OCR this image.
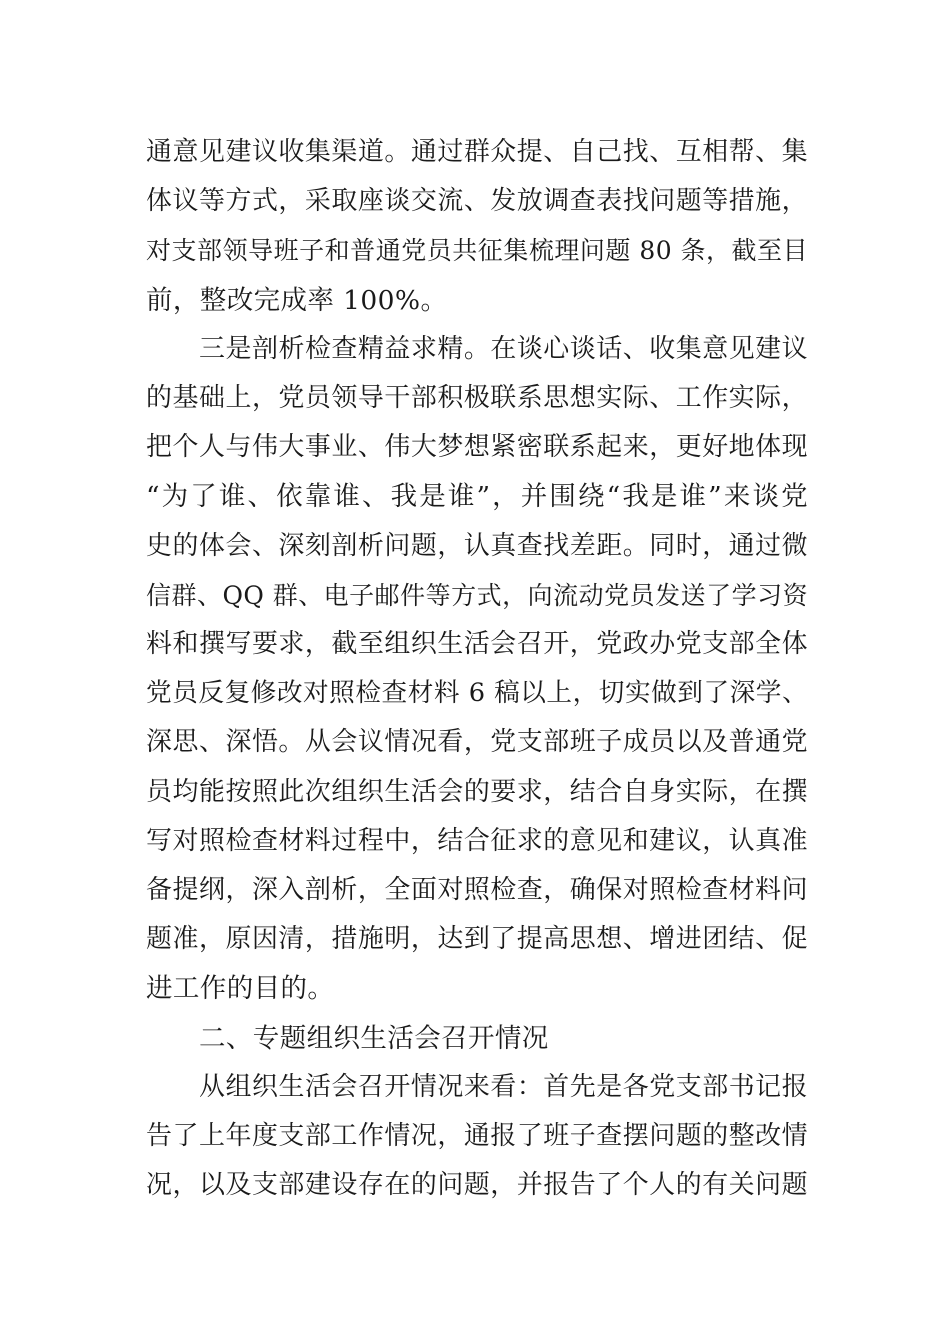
通意见建议收集渠道。通过群众提、自己找、互相帮、集
体议等方式，采取座谈交流、发放调查表找问题等措施，
对支部领导班子和普通党员共征集梳理问题 80 条，截至目
前，整改完成率 100%。
三是剖析检查精益求精。在谈心谈话、收集意见建议
的基础上，党员领导干部积极联系思想实际、工作实际，
把个人与伟大事业、伟大梦想紧密联系起来，更好地体现
“为了谁、依靠谁、我是谁”，并围绕“我是谁”来谈党
史的体会、深刻剖析问题，认真查找差距。同时，通过微
信群、QQ 群、电子邮件等方式，向流动党员发送了学习资
料和撰写要求，截至组织生活会召开，党政办党支部全体
党员反复修改对照检查材料 6 稿以上，切实做到了深学、
深思、深悟。从会议情况看，党支部班子成员以及普通党
员均能按照此次组织生活会的要求，结合自身实际，在撰
写对照检查材料过程中，结合征求的意见和建议，认真准
备提纲，深入剖析，全面对照检查，确保对照检查材料问
题准，原因清，措施明，达到了提高思想、增进团结、促
进工作的目的。
二、专题组织生活会召开情况
从组织生活会召开情况来看：首先是各党支部书记报
告了上年度支部工作情况，通报了班子查摆问题的整改情
况，以及支部建设存在的问题，并报告了个人的有关问题
